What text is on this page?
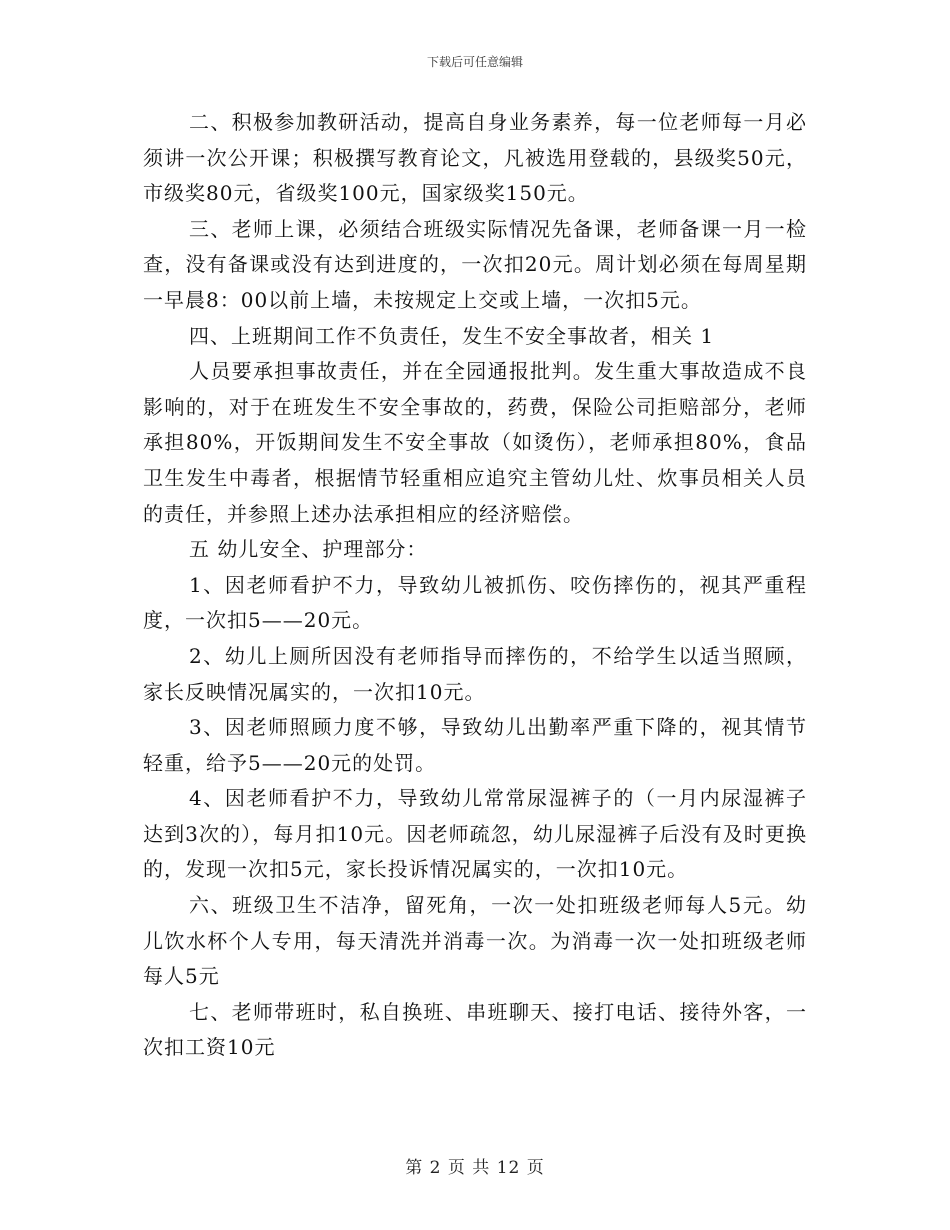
下载后可任意编辑

二、积极参加教研活动，提高自身业务素养，每一位老师每一月必须讲一次公开课；积极撰写教育论文，凡被选用登载的，县级奖50元，市级奖80元，省级奖100元，国家级奖150元。

三、老师上课，必须结合班级实际情况先备课，老师备课一月一检查，没有备课或没有达到进度的，一次扣20元。周计划必须在每周星期一早晨8：00以前上墙，未按规定上交或上墙，一次扣5元。

四、上班期间工作不负责任，发生不安全事故者，相关 1

人员要承担事故责任，并在全园通报批判。发生重大事故造成不良影响的，对于在班发生不安全事故的，药费，保险公司拒赔部分，老师承担80%，开饭期间发生不安全事故（如烫伤），老师承担80%，食品卫生发生中毒者，根据情节轻重相应追究主管幼儿灶、炊事员相关人员的责任，并参照上述办法承担相应的经济赔偿。

五 幼儿安全、护理部分：

1、因老师看护不力，导致幼儿被抓伤、咬伤摔伤的，视其严重程度，一次扣5——20元。

2、幼儿上厕所因没有老师指导而摔伤的，不给学生以适当照顾，家长反映情况属实的，一次扣10元。

3、因老师照顾力度不够，导致幼儿出勤率严重下降的，视其情节轻重，给予5——20元的处罚。

4、因老师看护不力，导致幼儿常常尿湿裤子的（一月内尿湿裤子达到3次的），每月扣10元。因老师疏忽，幼儿尿湿裤子后没有及时更换的，发现一次扣5元，家长投诉情况属实的，一次扣10元。

六、班级卫生不洁净，留死角，一次一处扣班级老师每人5元。幼儿饮水杯个人专用，每天清洗并消毒一次。为消毒一次一处扣班级老师每人5元

七、老师带班时，私自换班、串班聊天、接打电话、接待外客，一次扣工资10元

第 2 页 共 12 页
